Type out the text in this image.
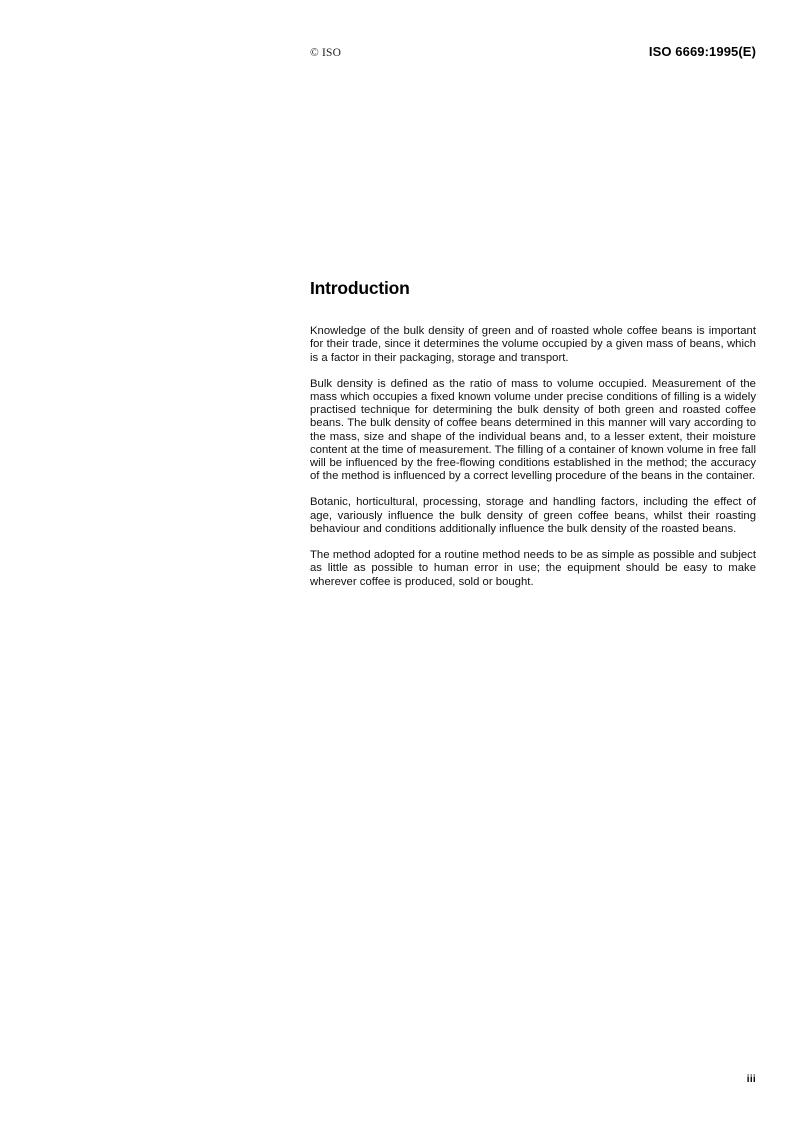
© ISO	ISO 6669:1995(E)
Introduction

Knowledge of the bulk density of green and of roasted whole coffee beans is important for their trade, since it determines the volume occupied by a given mass of beans, which is a factor in their packaging, storage and transport.

Bulk density is defined as the ratio of mass to volume occupied. Measurement of the mass which occupies a fixed known volume under precise conditions of filling is a widely practised technique for determining the bulk density of both green and roasted coffee beans. The bulk density of coffee beans determined in this manner will vary according to the mass, size and shape of the individual beans and, to a lesser extent, their moisture content at the time of measurement. The filling of a container of known volume in free fall will be influenced by the free-flowing conditions established in the method; the accuracy of the method is influenced by a correct levelling procedure of the beans in the container.

Botanic, horticultural, processing, storage and handling factors, including the effect of age, variously influence the bulk density of green coffee beans, whilst their roasting behaviour and conditions additionally influence the bulk density of the roasted beans.

The method adopted for a routine method needs to be as simple as possible and subject as little as possible to human error in use; the equipment should be easy to make wherever coffee is produced, sold or bought.

iii
